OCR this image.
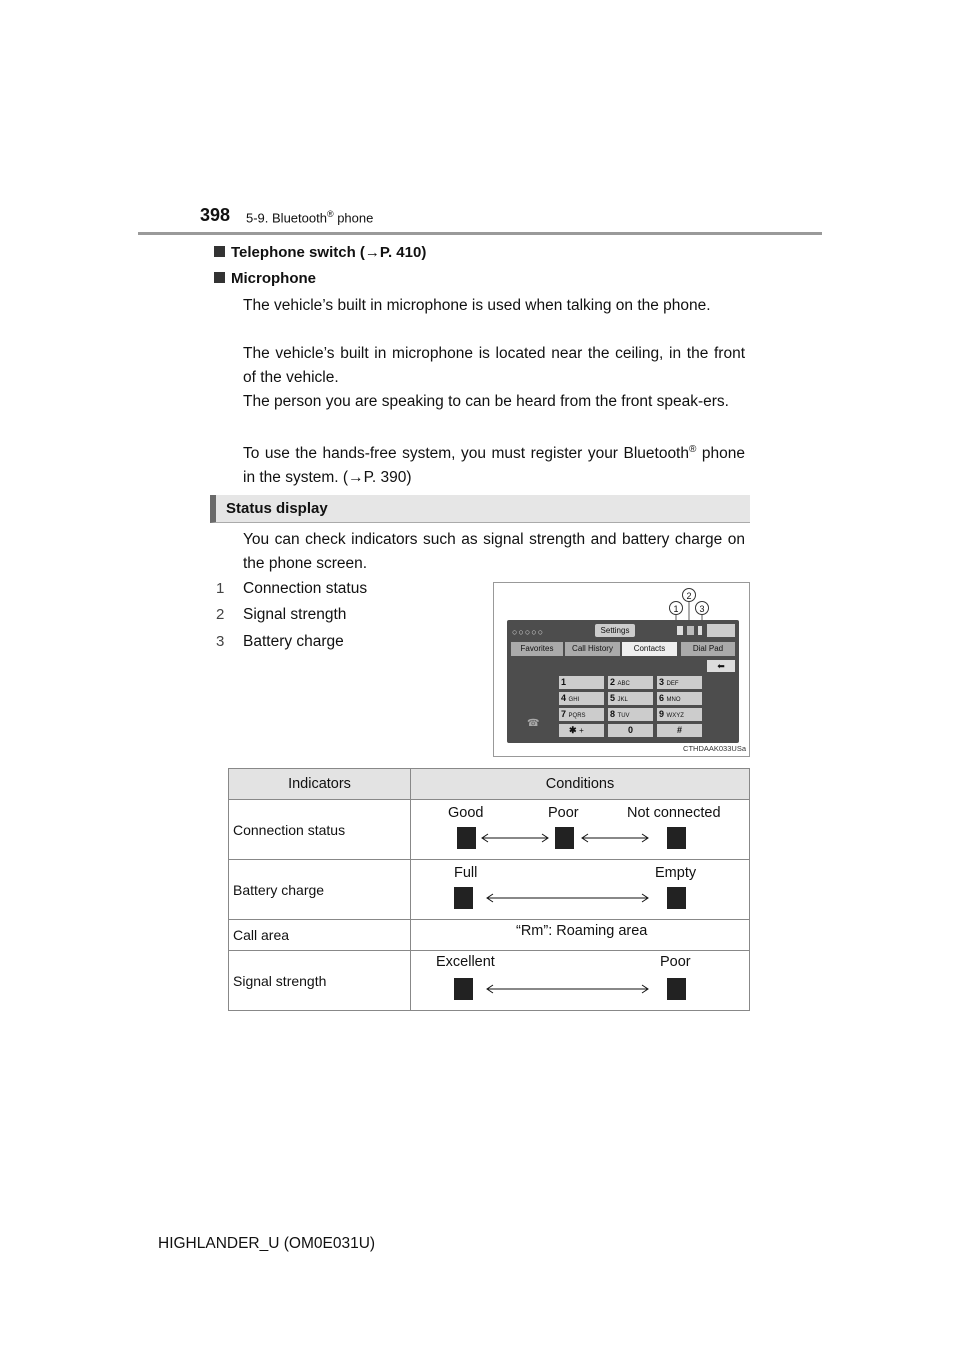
398 5-9. Bluetooth® phone
Telephone switch (→P. 410)
Microphone
The vehicle’s built in microphone is used when talking on the phone.
The vehicle’s built in microphone is located near the ceiling, in the front of the vehicle.
The person you are speaking to can be heard from the front speak-ers.
To use the hands-free system, you must register your Bluetooth® phone in the system. (→P. 390)
Status display
You can check indicators such as signal strength and battery charge on the phone screen.
1 Connection status
2 Signal strength
3 Battery charge
1
2
3
○○○○○	Settings
Favorites	Call History	Contacts	Dial Pad
⬅
1	2 ABC	3 DEF
4 GHI	5 JKL	6 MNO
7 PQRS	8 TUV	9 WXYZ
✱ +	0	#
☎
CTHDAAK033USa
Indicators	Conditions
Connection status	Good Poor Not connected

Battery charge	Full Empty

Call area	“Rm”: Roaming area

Signal strength	Excellent Poor
HIGHLANDER_U (OM0E031U)
